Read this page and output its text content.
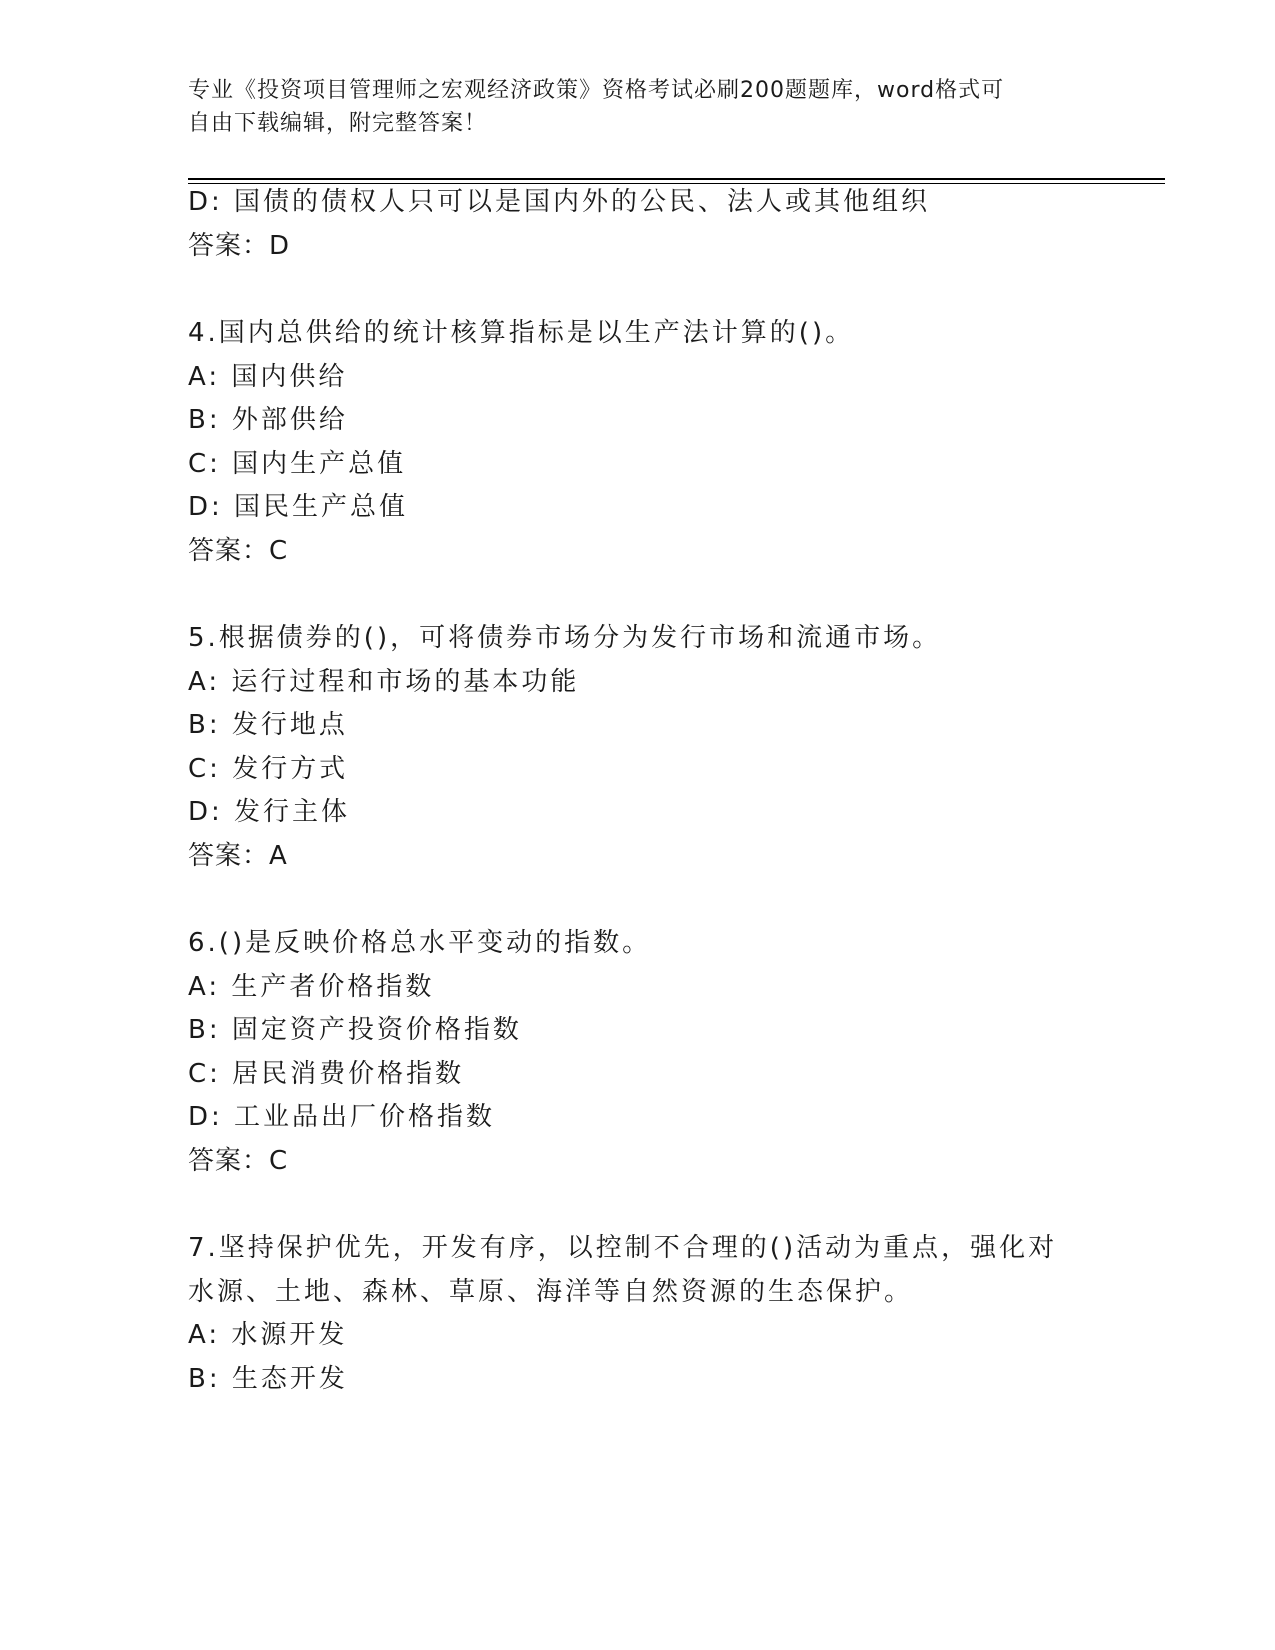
专业《投资项目管理师之宏观经济政策》资格考试必刷200题题库，word格式可
自由下载编辑，附完整答案！
D: 国债的债权人只可以是国内外的公民、法人或其他组织
答案：D
4.国内总供给的统计核算指标是以生产法计算的()。
A: 国内供给
B: 外部供给
C: 国内生产总值
D: 国民生产总值
答案：C
5.根据债券的()，可将债券市场分为发行市场和流通市场。
A: 运行过程和市场的基本功能
B: 发行地点
C: 发行方式
D: 发行主体
答案：A
6.()是反映价格总水平变动的指数。
A: 生产者价格指数
B: 固定资产投资价格指数
C: 居民消费价格指数
D: 工业品出厂价格指数
答案：C
7.坚持保护优先，开发有序，以控制不合理的()活动为重点，强化对
水源、土地、森林、草原、海洋等自然资源的生态保护。
A: 水源开发
B: 生态开发
